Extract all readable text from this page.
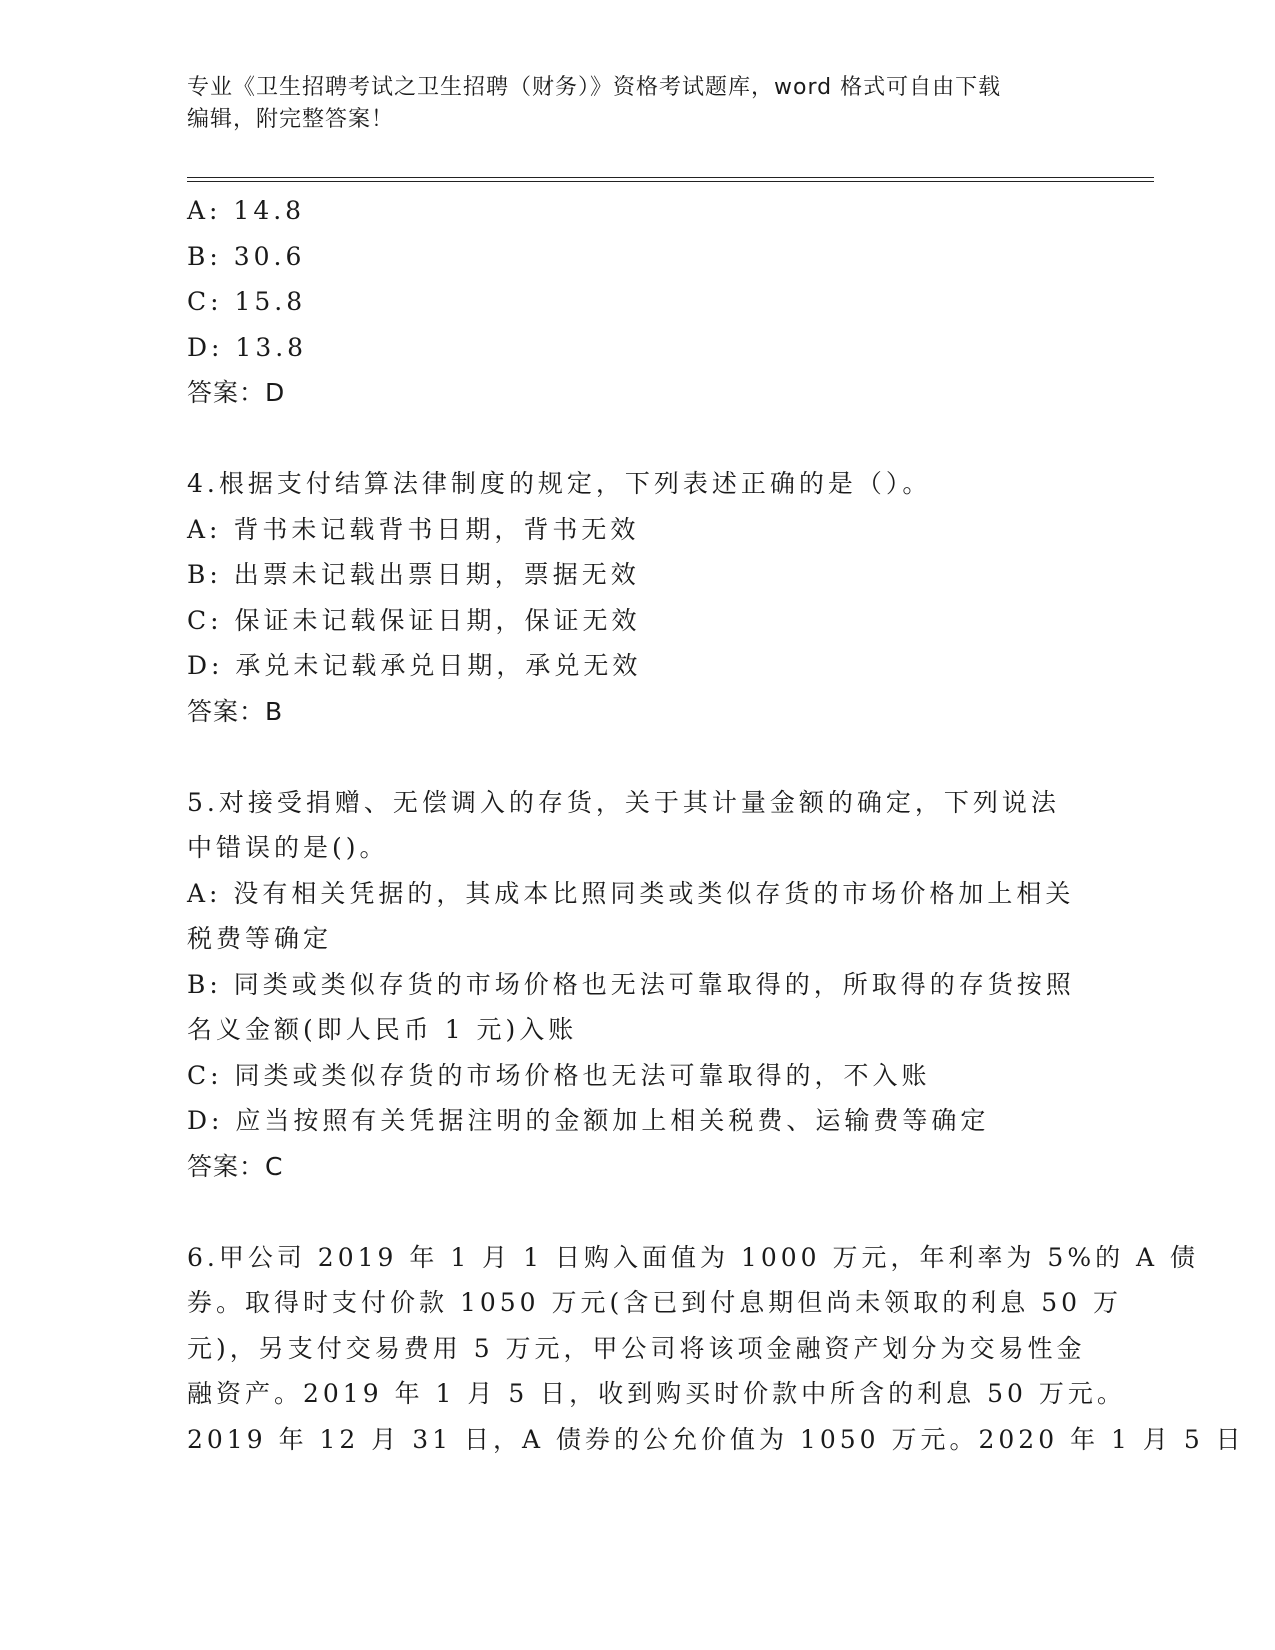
专业《卫生招聘考试之卫生招聘（财务）》资格考试题库，word 格式可自由下载
编辑，附完整答案！
A: 14.8
B: 30.6
C: 15.8
D: 13.8
答案：D
4.根据支付结算法律制度的规定，下列表述正确的是（）。
A: 背书未记载背书日期，背书无效
B: 出票未记载出票日期，票据无效
C: 保证未记载保证日期，保证无效
D: 承兑未记载承兑日期，承兑无效
答案：B
5.对接受捐赠、无偿调入的存货，关于其计量金额的确定，下列说法
中错误的是()。
A: 没有相关凭据的，其成本比照同类或类似存货的市场价格加上相关
税费等确定
B: 同类或类似存货的市场价格也无法可靠取得的，所取得的存货按照
名义金额(即人民币 1 元)入账
C: 同类或类似存货的市场价格也无法可靠取得的，不入账
D: 应当按照有关凭据注明的金额加上相关税费、运输费等确定
答案：C
6.甲公司 2019 年 1 月 1 日购入面值为 1000 万元，年利率为 5%的 A 债
券。取得时支付价款 1050 万元(含已到付息期但尚未领取的利息 50 万
元)，另支付交易费用 5 万元，甲公司将该项金融资产划分为交易性金
融资产。2019 年 1 月 5 日，收到购买时价款中所含的利息 50 万元。
2019 年 12 月 31 日，A 债券的公允价值为 1050 万元。2020 年 1 月 5 日
